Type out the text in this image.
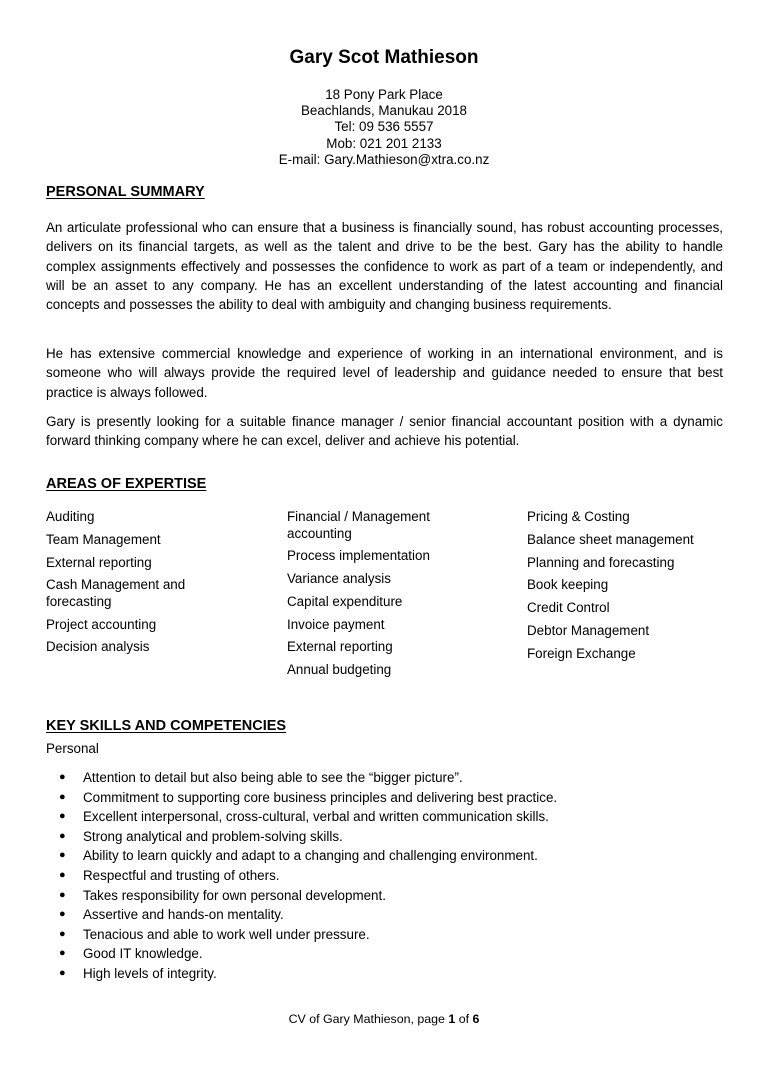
Gary Scot Mathieson
18 Pony Park Place
Beachlands, Manukau 2018
Tel: 09 536 5557
Mob: 021 201 2133
E-mail: Gary.Mathieson@xtra.co.nz
PERSONAL SUMMARY

An articulate professional who can ensure that a business is financially sound, has robust accounting processes, delivers on its financial targets, as well as the talent and drive to be the best. Gary has the ability to handle complex assignments effectively and possesses the confidence to work as part of a team or independently, and will be an asset to any company. He has an excellent understanding of the latest accounting and financial concepts and possesses the ability to deal with ambiguity and changing business requirements.

He has extensive commercial knowledge and experience of working in an international environment, and is someone who will always provide the required level of leadership and guidance needed to ensure that best practice is always followed.

Gary is presently looking for a suitable finance manager / senior financial accountant position with a dynamic forward thinking company where he can excel, deliver and achieve his potential.

AREAS OF EXPERTISE
Auditing
Team Management
External reporting
Cash Management and forecasting
Project accounting
Decision analysis
Financial / Management accounting
Process implementation
Variance analysis
Capital expenditure
Invoice payment
External reporting
Annual budgeting
Pricing & Costing
Balance sheet management
Planning and forecasting
Book keeping
Credit Control
Debtor Management
Foreign Exchange
KEY SKILLS AND COMPETENCIES
Personal
● Attention to detail but also being able to see the “bigger picture”.
● Commitment to supporting core business principles and delivering best practice.
● Excellent interpersonal, cross-cultural, verbal and written communication skills.
● Strong analytical and problem-solving skills.
● Ability to learn quickly and adapt to a changing and challenging environment.
● Respectful and trusting of others.
● Takes responsibility for own personal development.
● Assertive and hands-on mentality.
● Tenacious and able to work well under pressure.
● Good IT knowledge.
● High levels of integrity.
CV of Gary Mathieson, page 1 of 6
